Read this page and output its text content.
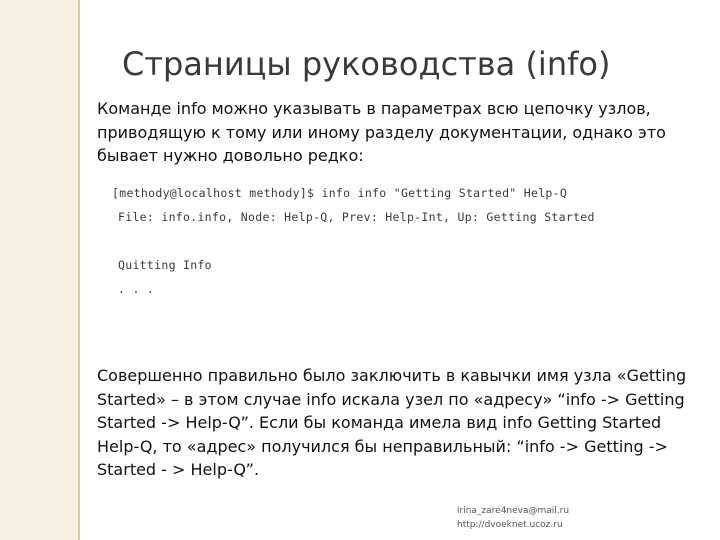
Страницы руководства (info)
Команде info можно указывать в параметрах всю цепочку узлов, приводящую к тому или иному разделу документации, однако это бывает нужно довольно редко:
[methody@localhost methody]$ info info "Getting Started" Help-Q
File: info.info, Node: Help-Q, Prev: Help-Int, Up: Getting Started
Quitting Info
. . .
Совершенно правильно было заключить в кавычки имя узла «Getting Started» – в этом случае info искала узел по «адресу» “info -> Getting Started -> Help-Q”. Если бы команда имела вид info Getting Started Help-Q, то «адрес» получился бы неправильный: “info -> Getting -> Started - > Help-Q”.
irina_zare4neva@mail.ru
http://dvoeknet.ucoz.ru
